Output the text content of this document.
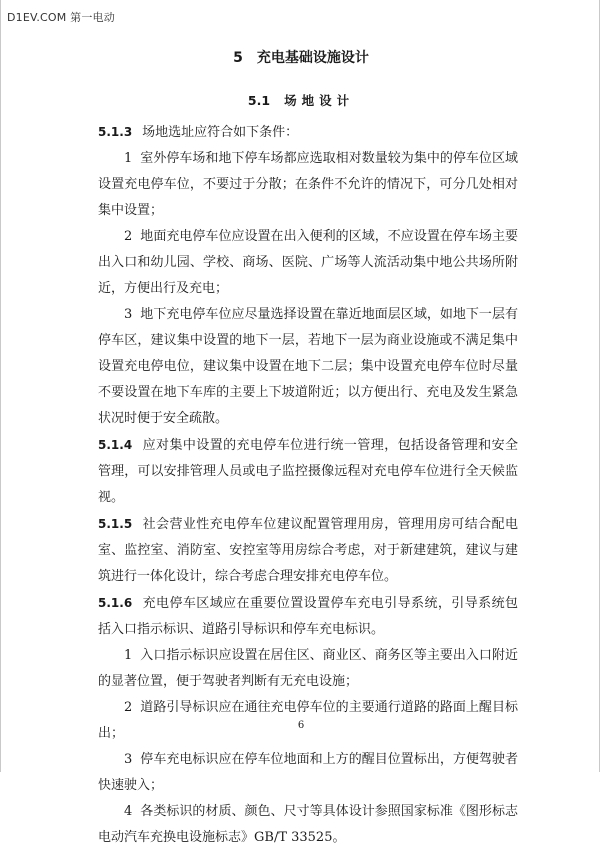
D1EV.COM 第一电动
5 充电基础设施设计
5.1 场地设计

5.1.3 场地选址应符合如下条件：

1 室外停车场和地下停车场都应选取相对数量较为集中的停车位区域设置充电停车位，不要过于分散；在条件不允许的情况下，可分几处相对集中设置；

2 地面充电停车位应设置在出入便利的区域，不应设置在停车场主要出入口和幼儿园、学校、商场、医院、广场等人流活动集中地公共场所附近，方便出行及充电；

3 地下充电停车位应尽量选择设置在靠近地面层区域，如地下一层有停车区，建议集中设置的地下一层，若地下一层为商业设施或不满足集中设置充电停电位，建议集中设置在地下二层；集中设置充电停车位时尽量不要设置在地下车库的主要上下坡道附近；以方便出行、充电及发生紧急状况时便于安全疏散。

5.1.4 应对集中设置的充电停车位进行统一管理，包括设备管理和安全管理，可以安排管理人员或电子监控摄像远程对充电停车位进行全天候监视。

5.1.5 社会营业性充电停车位建议配置管理用房，管理用房可结合配电室、监控室、消防室、安控室等用房综合考虑，对于新建建筑，建议与建筑进行一体化设计，综合考虑合理安排充电停车位。

5.1.6 充电停车区域应在重要位置设置停车充电引导系统，引导系统包括入口指示标识、道路引导标识和停车充电标识。

1 入口指示标识应设置在居住区、商业区、商务区等主要出入口附近的显著位置，便于驾驶者判断有无充电设施；

2 道路引导标识应在通往充电停车位的主要通行道路的路面上醒目标出；

3 停车充电标识应在停车位地面和上方的醒目位置标出，方便驾驶者快速驶入；

4 各类标识的材质、颜色、尺寸等具体设计参照国家标准《图形标志 电动汽车充换电设施标志》GB/T 33525。

6
